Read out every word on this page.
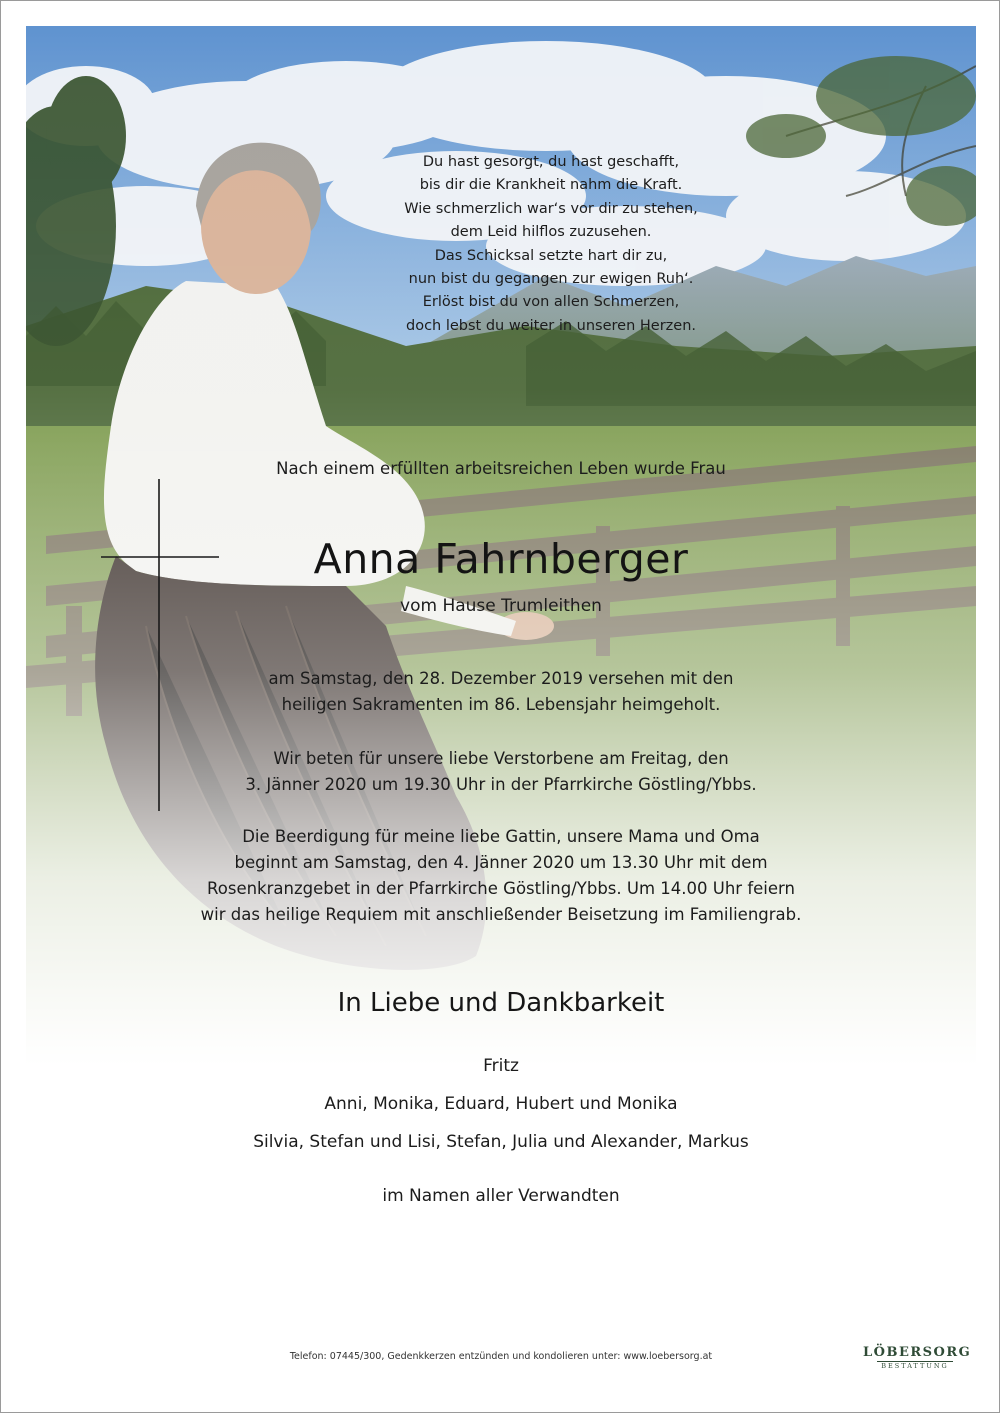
Du hast gesorgt, du hast geschafft,
bis dir die Krankheit nahm die Kraft.
Wie schmerzlich war‘s vor dir zu stehen,
dem Leid hilflos zuzusehen.
Das Schicksal setzte hart dir zu,
nun bist du gegangen zur ewigen Ruh‘.
Erlöst bist du von allen Schmerzen,
doch lebst du weiter in unseren Herzen.
Nach einem erfüllten arbeitsreichen Leben wurde Frau
Anna Fahrnberger
vom Hause Trumleithen
am Samstag, den 28. Dezember 2019 versehen mit den
heiligen Sakramenten im 86. Lebensjahr heimgeholt.
Wir beten für unsere liebe Verstorbene am Freitag, den
3. Jänner 2020 um 19.30 Uhr in der Pfarrkirche Göstling/Ybbs.
Die Beerdigung für meine liebe Gattin, unsere Mama und Oma
beginnt am Samstag, den 4. Jänner 2020 um 13.30 Uhr mit dem
Rosenkranzgebet in der Pfarrkirche Göstling/Ybbs. Um 14.00 Uhr feiern
wir das heilige Requiem mit anschließender Beisetzung im Familiengrab.
In Liebe und Dankbarkeit
Fritz
Anni, Monika, Eduard, Hubert und Monika
Silvia, Stefan und Lisi, Stefan, Julia und Alexander, Markus
im Namen aller Verwandten
Telefon: 07445/300, Gedenkkerzen entzünden und kondolieren unter: www.loebersorg.at	LÖBERSORG
BESTATTUNG
